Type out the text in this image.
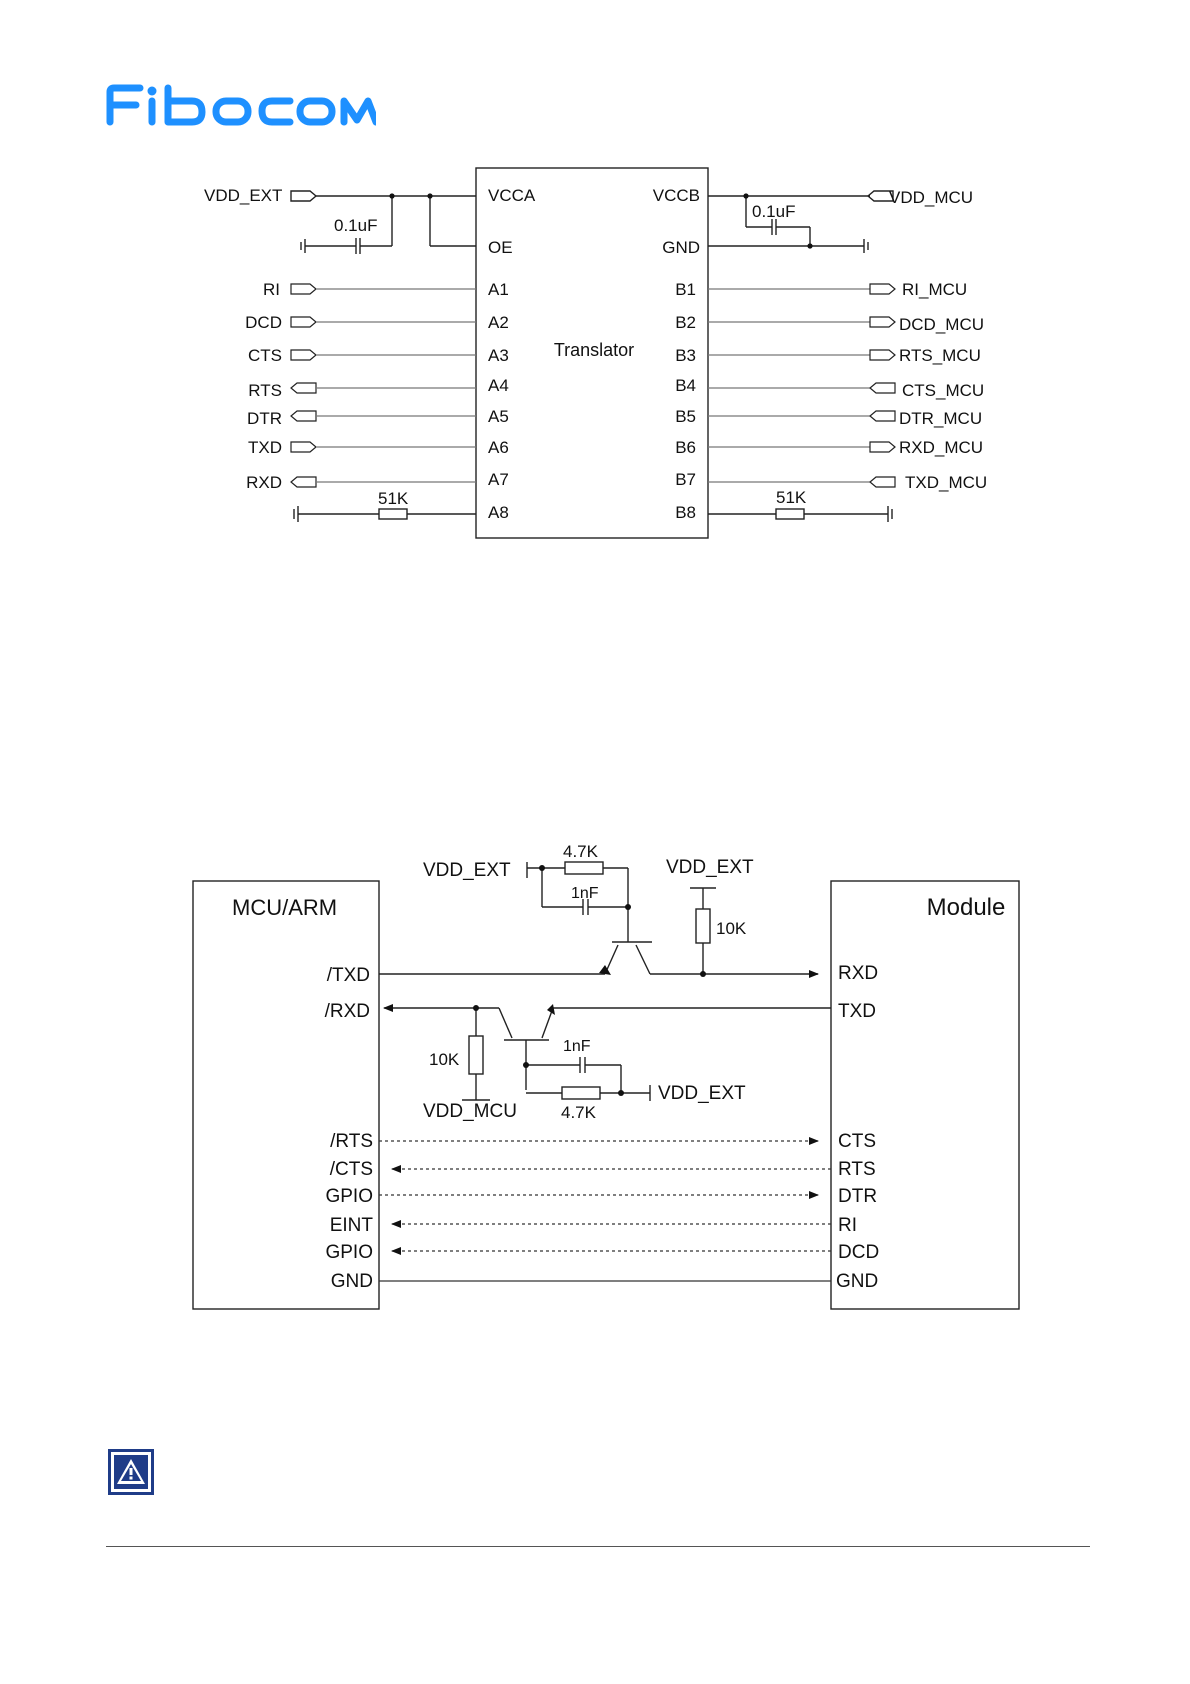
VDD_EXT	VDD_MCU
0.1uF
0.1uF
VCCA	VCCB
OE	GND
Translator
A1
A2
A3
A4
A5
A6
A7
A8
B1
B2
B3
B4
B5
B6
B7
B8
RI
DCD
CTS
RTS
DTR
TXD
RXD
RI_MCU
DCD_MCU
RTS_MCU
CTS_MCU
DTR_MCU
RXD_MCU
TXD_MCU
51K	51K
MCU/ARM	Module
/TXD
/RXD
/RTS
/CTS
GPIO
EINT
GPIO
GND
RXD
TXD
CTS
RTS
DTR
RI
DCD
GND
VDD_EXT	VDD_EXT
VDD_EXT
VDD_MCU
4.7K
1nF
10K
10K
1nF
4.7K
